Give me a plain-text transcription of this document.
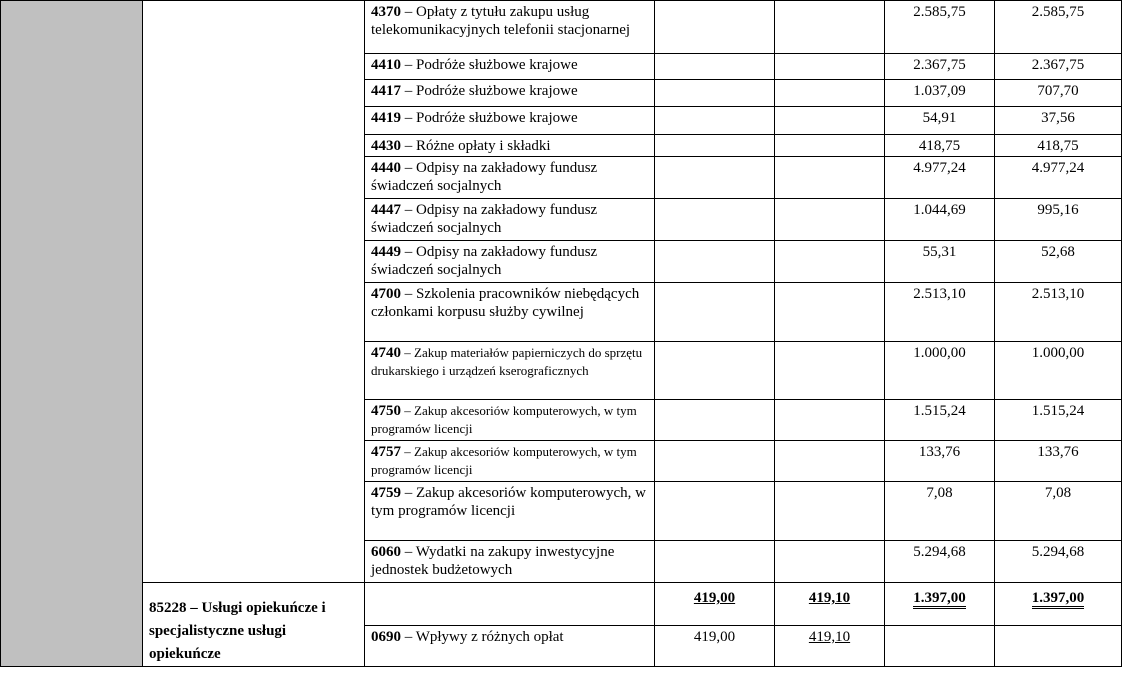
		4370 – Opłaty z tytułu zakupu usług telekomunikacyjnych telefonii stacjonarnej			2.585,75	2.585,75
		4410 – Podróże służbowe krajowe			2.367,75	2.367,75
		4417 – Podróże służbowe krajowe			1.037,09	707,70
		4419 – Podróże służbowe krajowe			54,91	37,56
		4430 – Różne opłaty i składki			418,75	418,75
		4440 – Odpisy na zakładowy fundusz świadczeń socjalnych			4.977,24	4.977,24
		4447 – Odpisy na zakładowy fundusz świadczeń socjalnych			1.044,69	995,16
		4449 – Odpisy na zakładowy fundusz świadczeń socjalnych			55,31	52,68
		4700 – Szkolenia pracowników niebędących członkami korpusu służby cywilnej			2.513,10	2.513,10
		4740 – Zakup materiałów papierniczych do sprzętu drukarskiego i urządzeń kserograficznych			1.000,00	1.000,00
		4750 – Zakup akcesoriów komputerowych, w tym programów licencji			1.515,24	1.515,24
		4757 – Zakup akcesoriów komputerowych, w tym programów licencji			133,76	133,76
		4759 – Zakup akcesoriów komputerowych, w tym programów licencji			7,08	7,08
		6060 – Wydatki na zakupy inwestycyjne jednostek budżetowych			5.294,68	5.294,68
	85228 – Usługi opiekuńcze i specjalistyczne usługi opiekuńcze		419,00	419,10	1.397,00	1.397,00
		0690 – Wpływy z różnych opłat	419,00	419,10		
